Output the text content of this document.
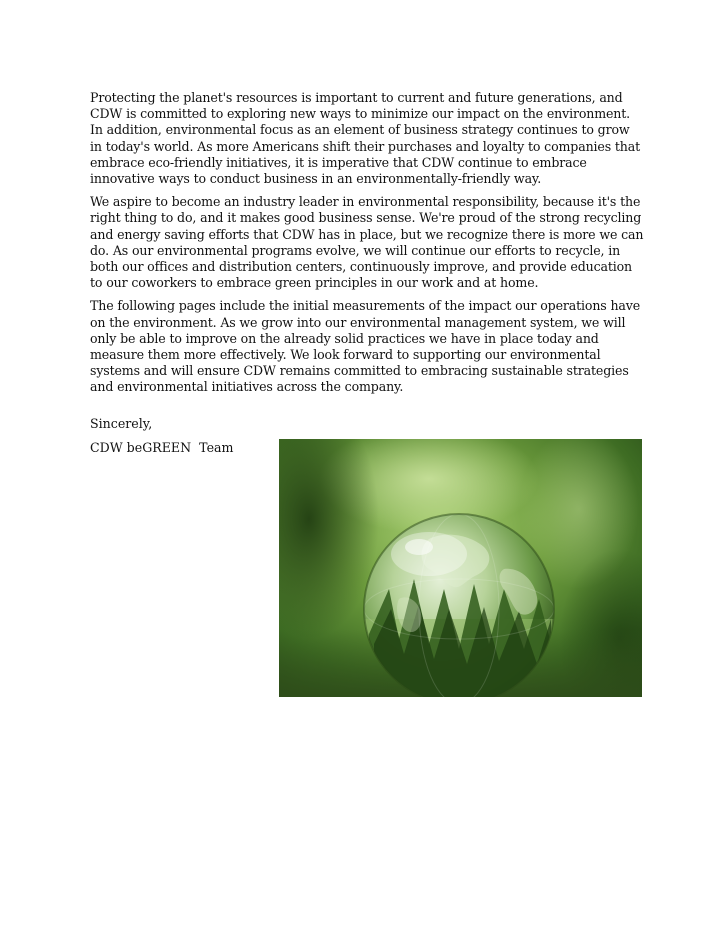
Protecting the planet's resources is important to current and future generations, and CDW is committed to exploring new ways to minimize our impact on the environment. In addition, environmental focus as an element of business strategy continues to grow in today's world. As more Americans shift their purchases and loyalty to companies that embrace eco-friendly initiatives, it is imperative that CDW continue to embrace innovative ways to conduct business in an environmentally-friendly way.

We aspire to become an industry leader in environmental responsibility, because it's the right thing to do, and it makes good business sense. We're proud of the strong recycling and energy saving efforts that CDW has in place, but we recognize there is more we can do. As our environmental programs evolve, we will continue our efforts to recycle, in both our offices and distribution centers, continuously improve, and provide education to our coworkers to embrace green principles in our work and at home.

The following pages include the initial measurements of the impact our operations have on the environment. As we grow into our environmental management system, we will only be able to improve on the already solid practices we have in place today and measure them more effectively. We look forward to supporting our environmental systems and will ensure CDW remains committed to embracing sustainable strategies and environmental initiatives across the company.

Sincerely,

CDW beGREEN  Team
